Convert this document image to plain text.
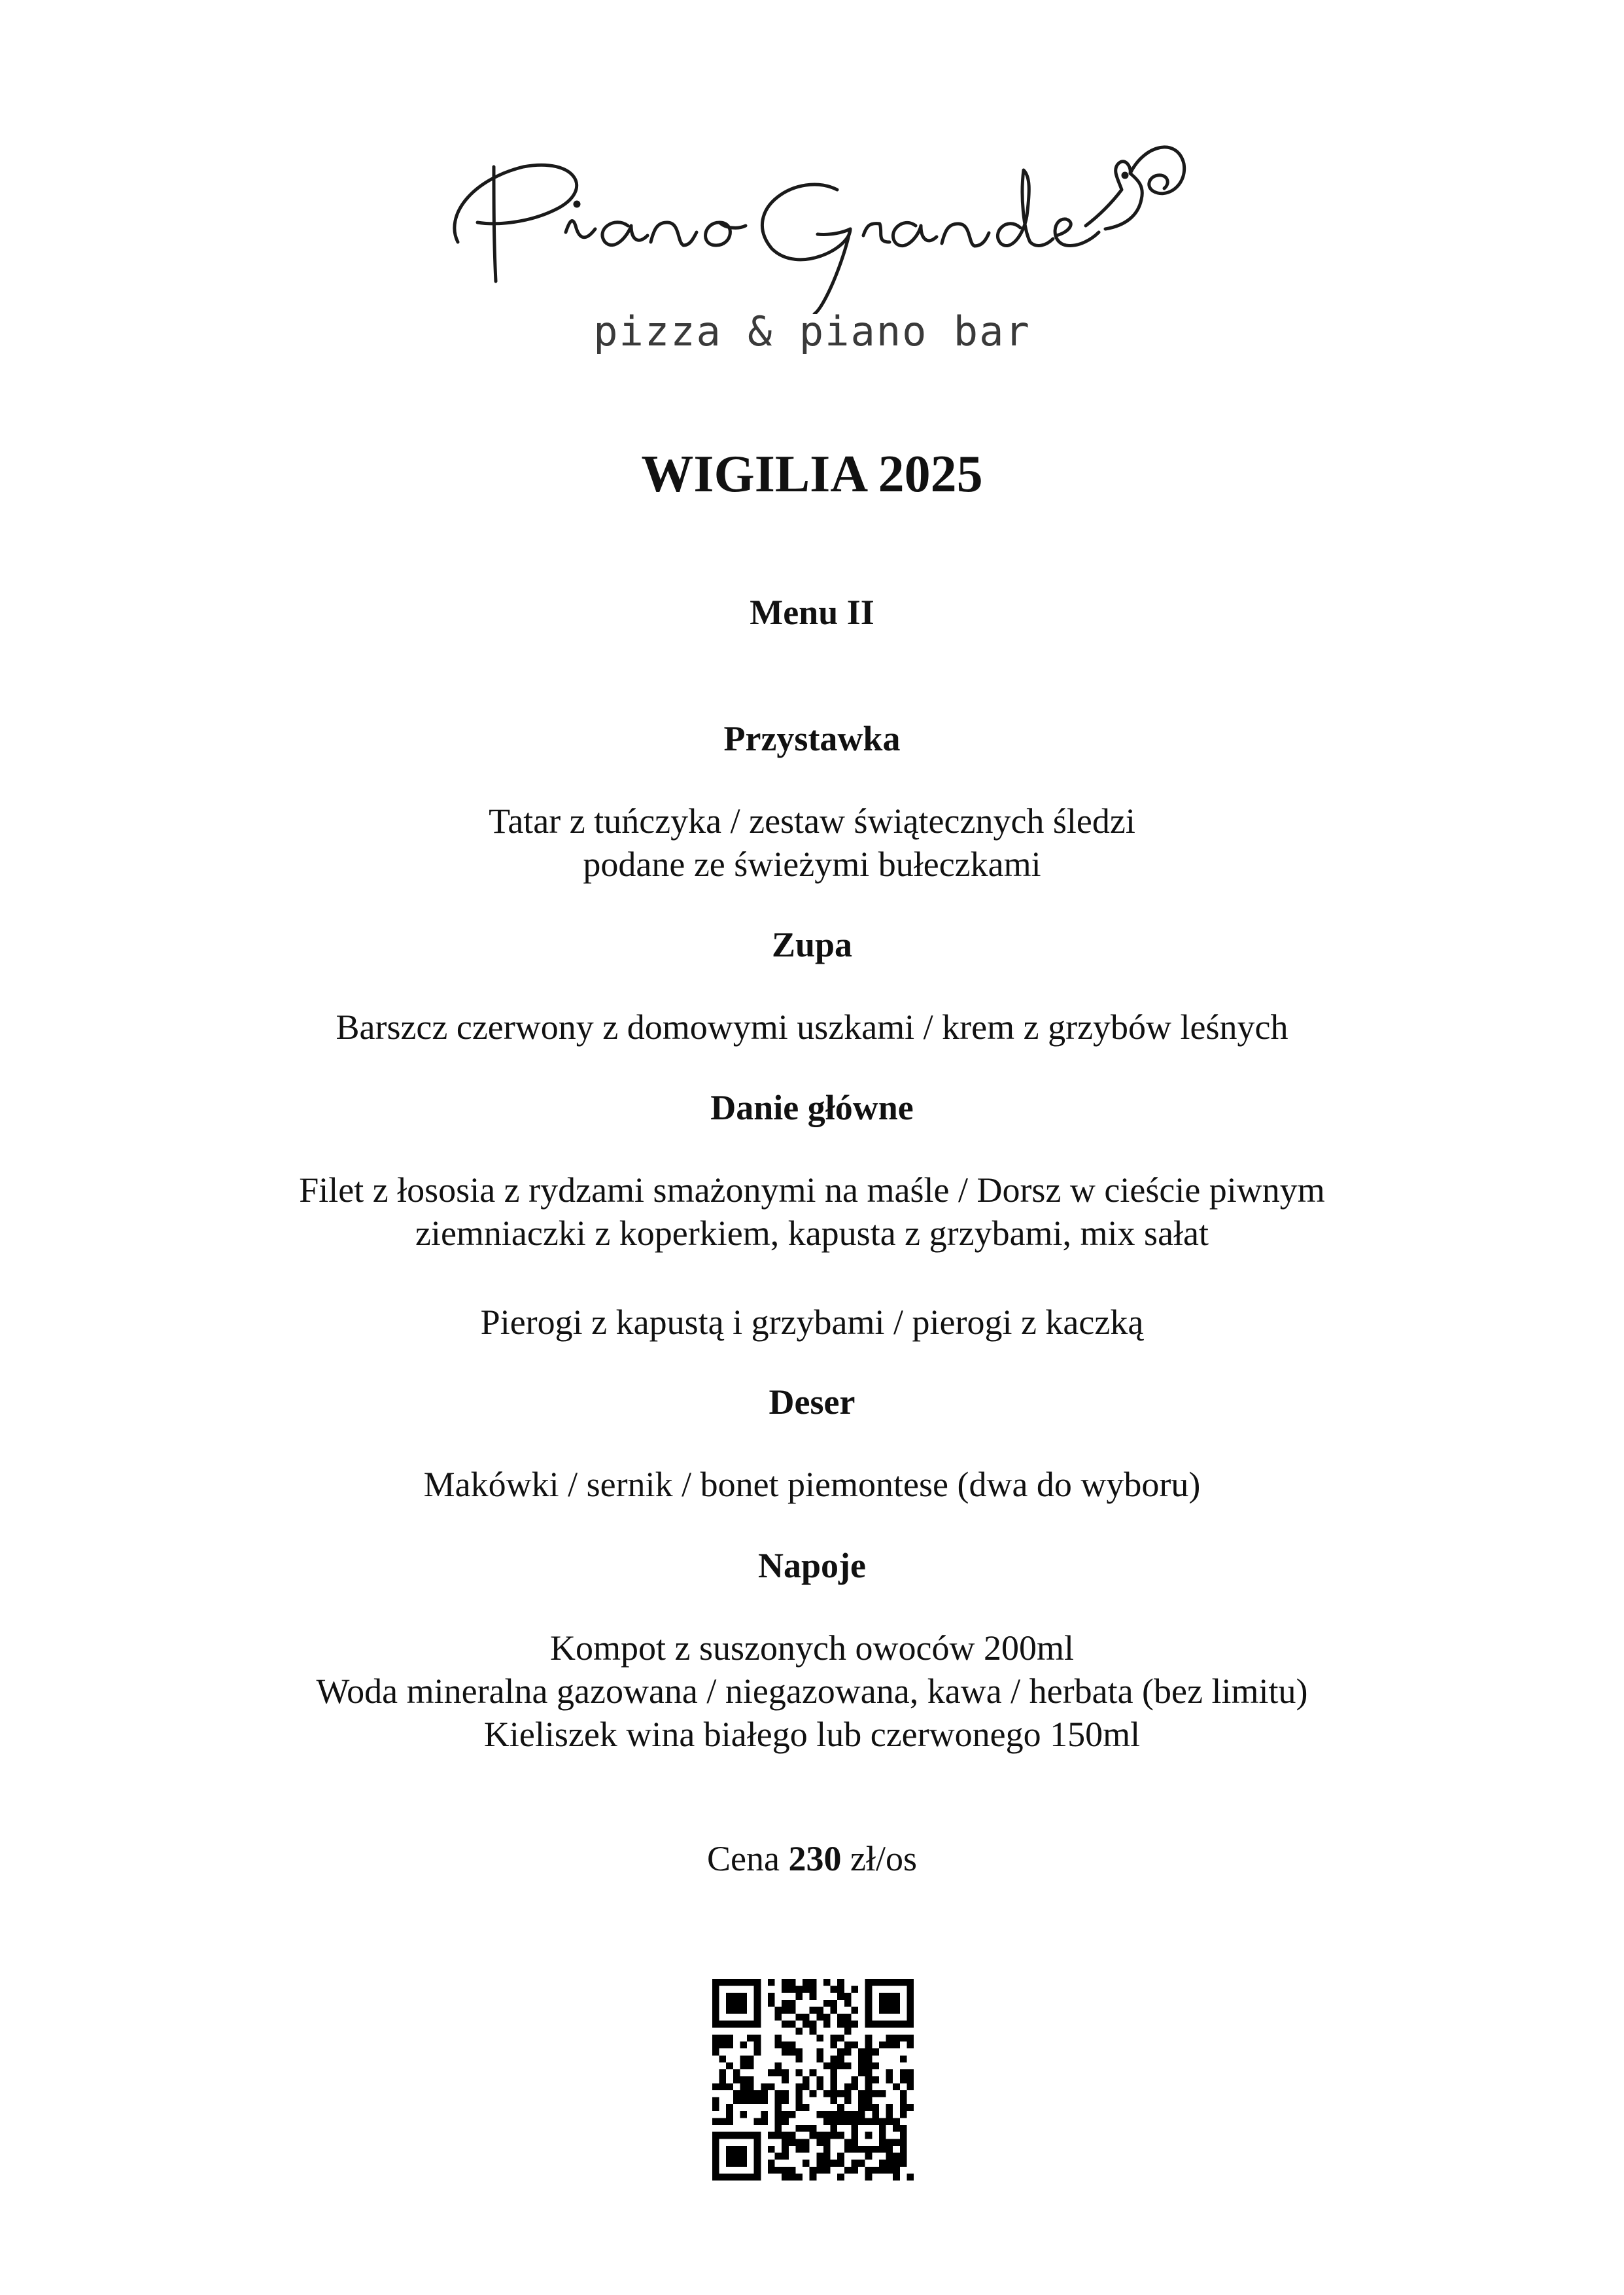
pizza & piano bar
WIGILIA 2025
Menu II
Przystawka
Tatar z tuńczyka / zestaw świątecznych śledzi
podane ze świeżymi bułeczkami
Zupa
Barszcz czerwony z domowymi uszkami / krem z grzybów leśnych
Danie główne
Filet z łososia z rydzami smażonymi na maśle / Dorsz w cieście piwnym
ziemniaczki z koperkiem, kapusta z grzybami, mix sałat
Pierogi z kapustą i grzybami / pierogi z kaczką
Deser
Makówki / sernik / bonet piemontese (dwa do wyboru)
Napoje
Kompot z suszonych owoców 200ml
Woda mineralna gazowana / niegazowana, kawa / herbata (bez limitu)
Kieliszek wina białego lub czerwonego 150ml
Cena 230 zł/os
